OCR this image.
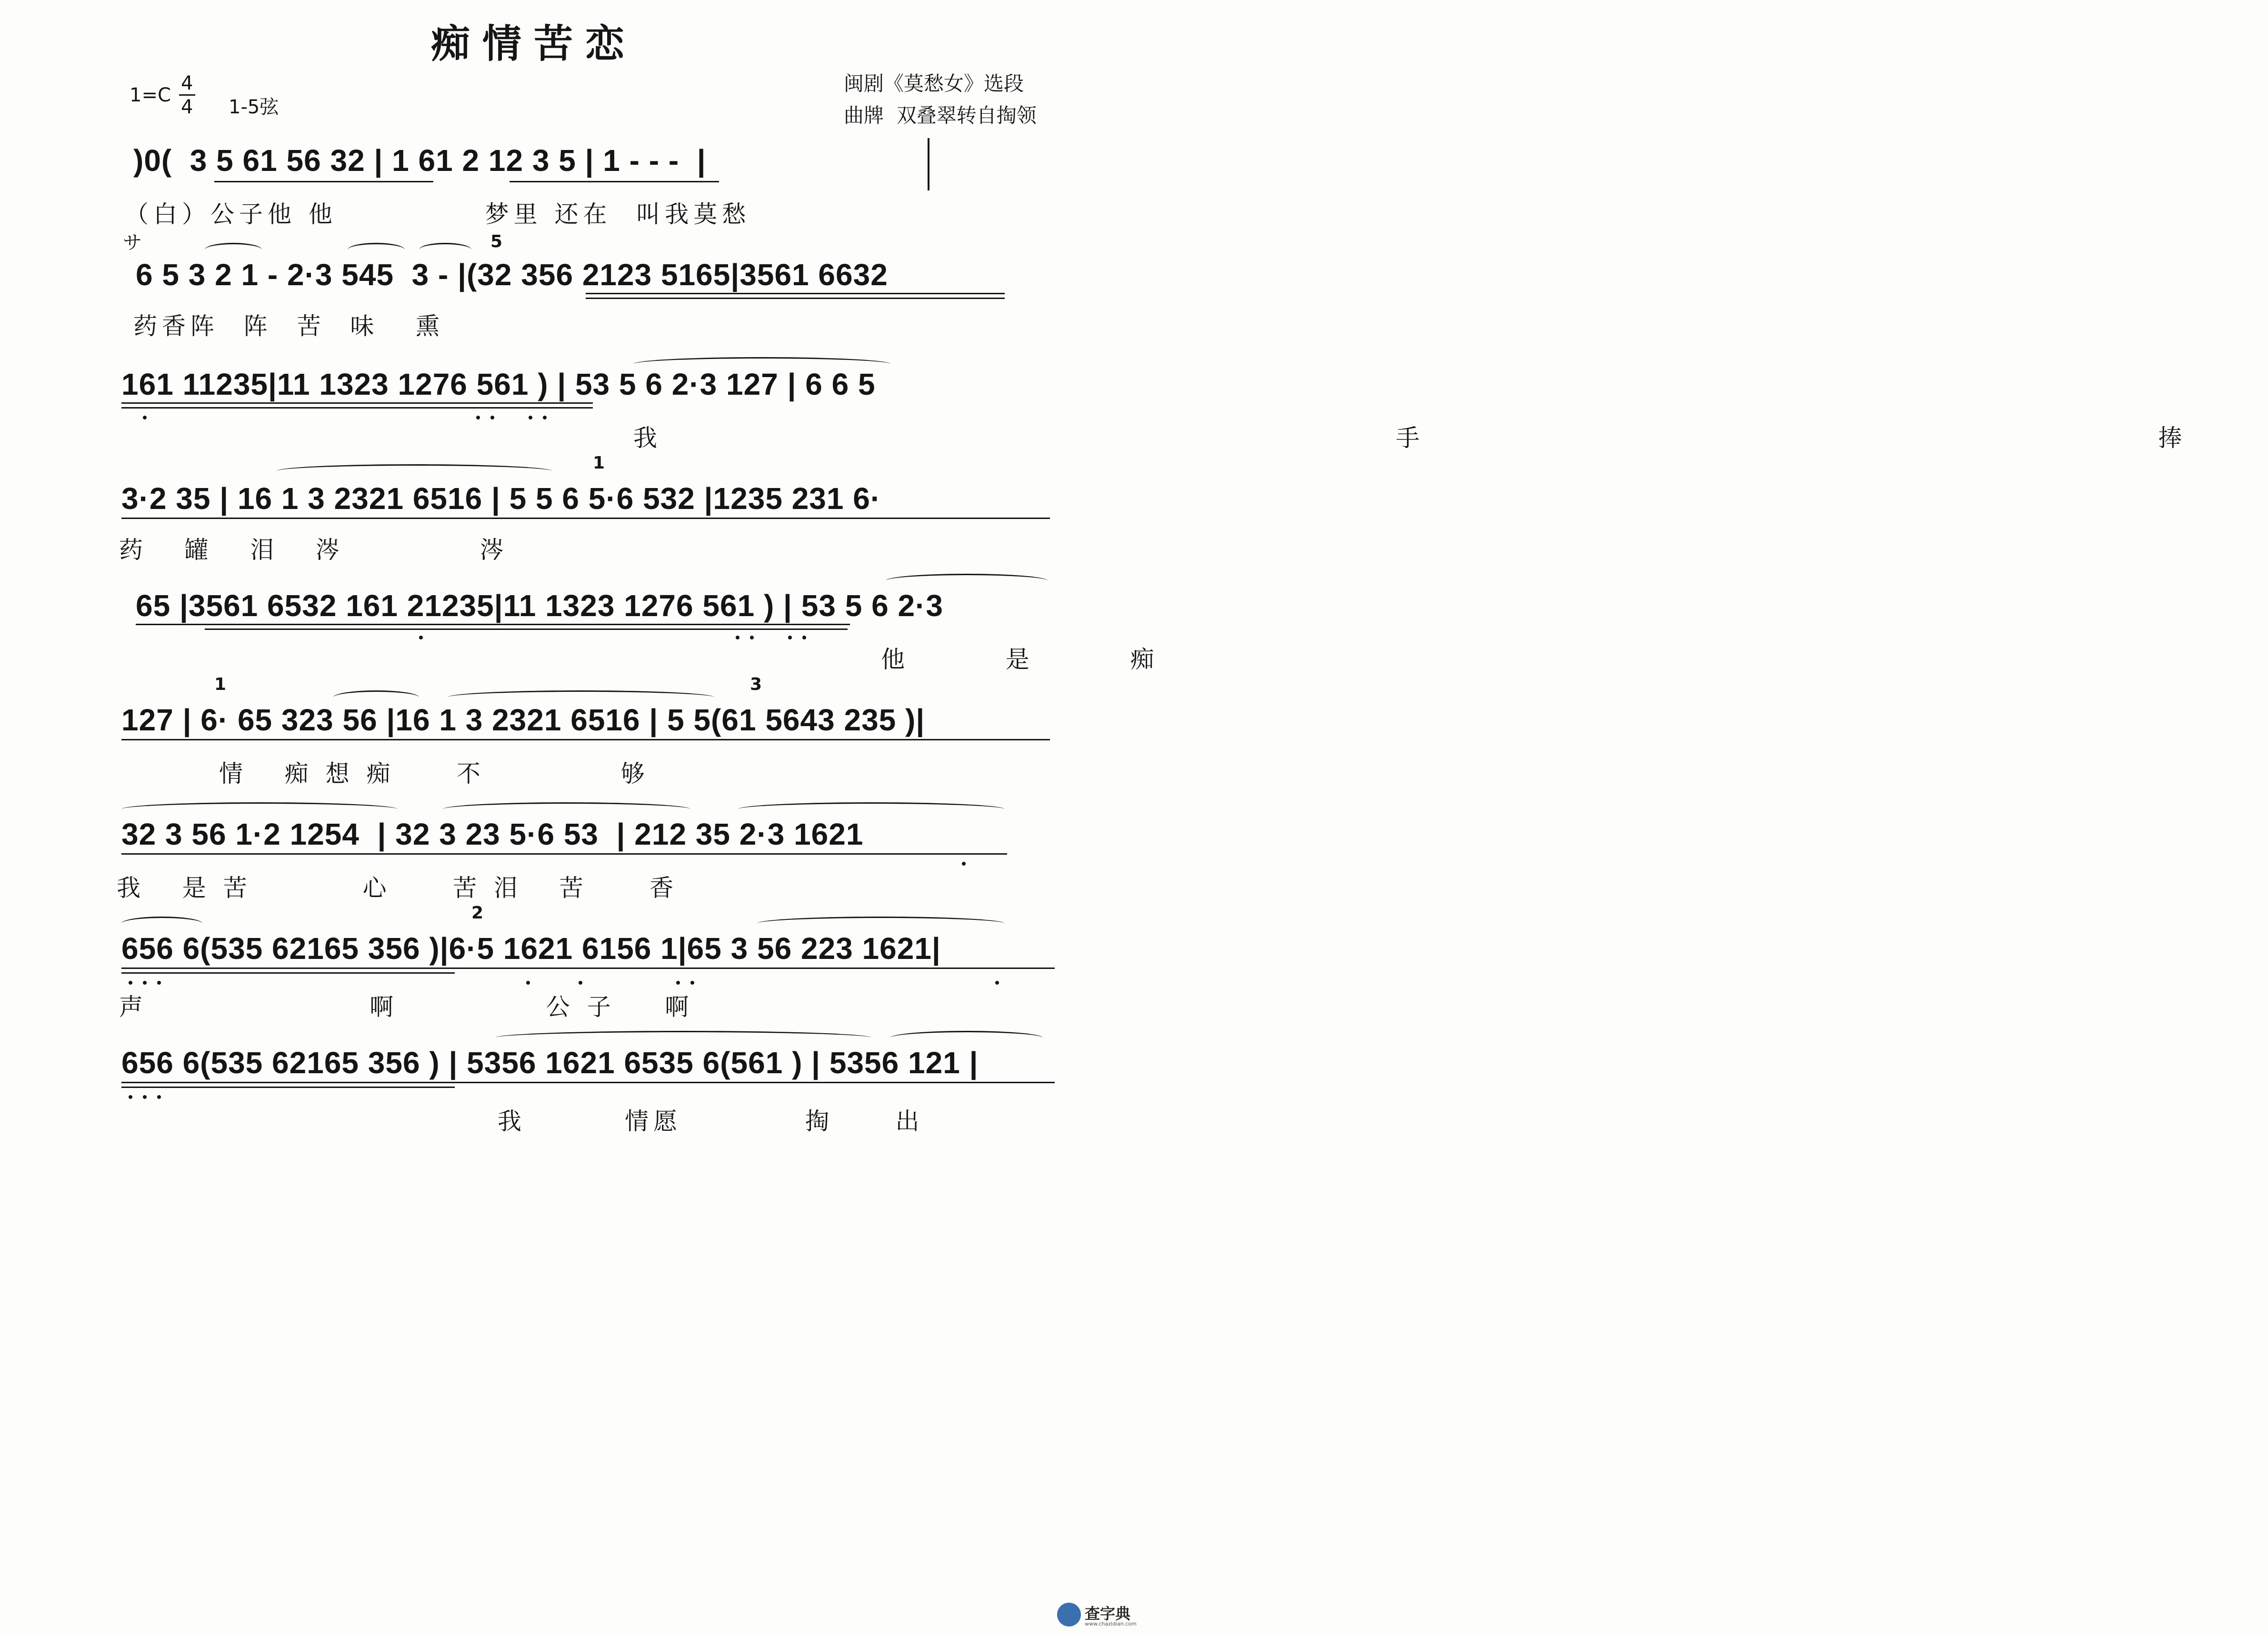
痴情苦恋
1=C
4
4 1-5弦
闽剧《莫愁女》选段
曲牌  双叠翠转自掏领
)0(  3 5 61 56 32 | 1 61 2 12 3 5 | 1 - - -  |
（白）公子他 他            梦里 还在  叫我莫愁
サ	5
6 5 3 2 1 - 2·3 545  3 - |(32 356 2123 5165|3561 6632
药香阵  阵  苦  味   熏
161 11235|11 1323 1276 561 ) | 53 5 6 2·3 127 | 6 6 5
我       手       捧
1
3·2 35 | 16 1 3 2321 6516 | 5 5 6 5·6 532 |1235 231 6·
药   罐   泪   涔           涔
65 |3561 6532 161 21235|11 1323 1276 561 ) | 53 5 6 2·3
他  是  痴
1	3
127 | 6· 65 323 56 |16 1 3 2321 6516 | 5 5(61 5643 235 )|
情   痴 想 痴     不           够
32 3 56 1·2 1254  | 32 3 23 5·6 53  | 212 35 2·3 1621
我   是 苦         心     苦 泪   苦     香
2
656 6(535 62165 356 )|6·5 1621 6156 1|65 3 56 223 1621|
声                  啊            公 子    啊
656 6(535 62165 356 ) | 5356 1621 6535 6(561 ) | 5356 121 |
我        情愿          掏     出
查字典
www.chazidian.com
